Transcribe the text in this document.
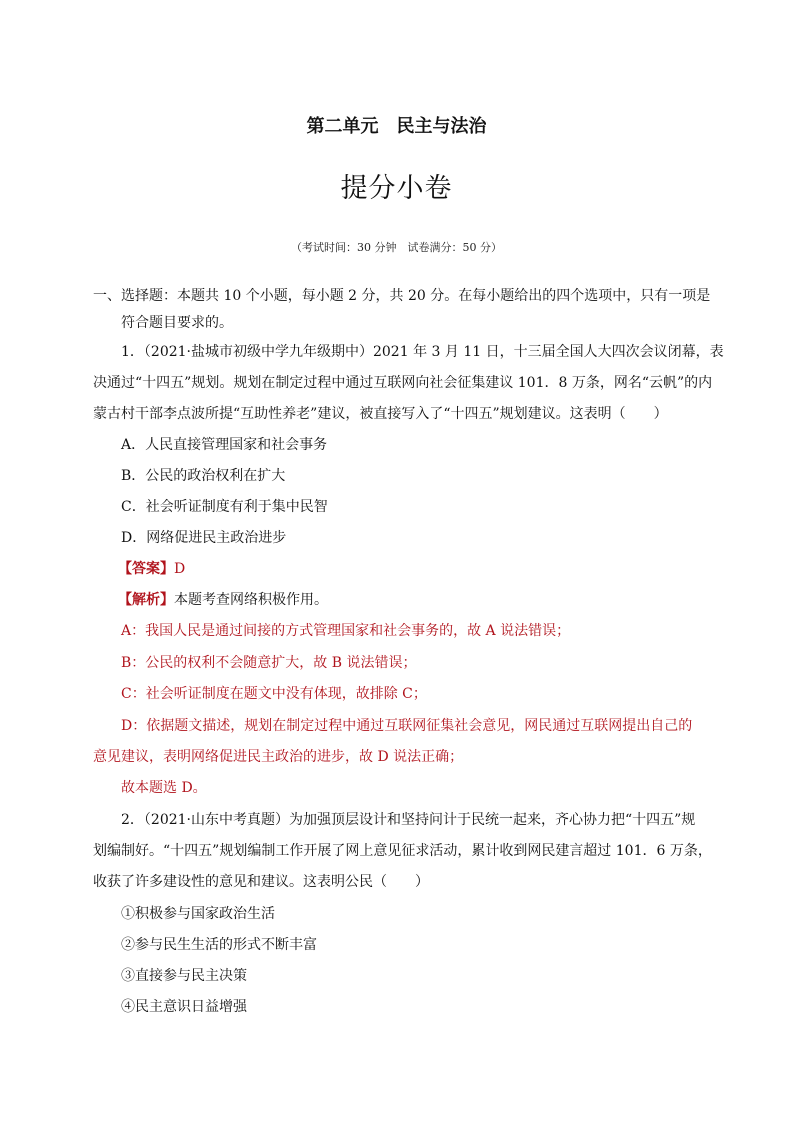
第二单元 民主与法治
提分小卷
（考试时间：30 分钟　试卷满分：50 分）
一、选择题：本题共 10 个小题，每小题 2 分，共 20 分。在每小题给出的四个选项中，只有一项是
符合题目要求的。
1．（2021·盐城市初级中学九年级期中）2021 年 3 月 11 日，十三届全国人大四次会议闭幕，表
决通过“十四五”规划。规划在制定过程中通过互联网向社会征集建议 101．8 万条，网名“云帆”的内
蒙古村干部李点波所提“互助性养老”建议，被直接写入了“十四五”规划建议。这表明（　　）
A．人民直接管理国家和社会事务
B．公民的政治权利在扩大
C．社会听证制度有利于集中民智
D．网络促进民主政治进步
【答案】D
【解析】本题考查网络积极作用。
A：我国人民是通过间接的方式管理国家和社会事务的，故 A 说法错误；
B：公民的权利不会随意扩大，故 B 说法错误；
C：社会听证制度在题文中没有体现，故排除 C；
D：依据题文描述，规划在制定过程中通过互联网征集社会意见，网民通过互联网提出自己的
意见建议，表明网络促进民主政治的进步，故 D 说法正确；
故本题选 D。
2．（2021·山东中考真题）为加强顶层设计和坚持问计于民统一起来，齐心协力把“十四五”规
划编制好。“十四五”规划编制工作开展了网上意见征求活动，累计收到网民建言超过 101．6 万条，
收获了许多建设性的意见和建议。这表明公民（　　）
①积极参与国家政治生活
②参与民生生活的形式不断丰富
③直接参与民主决策
④民主意识日益增强
